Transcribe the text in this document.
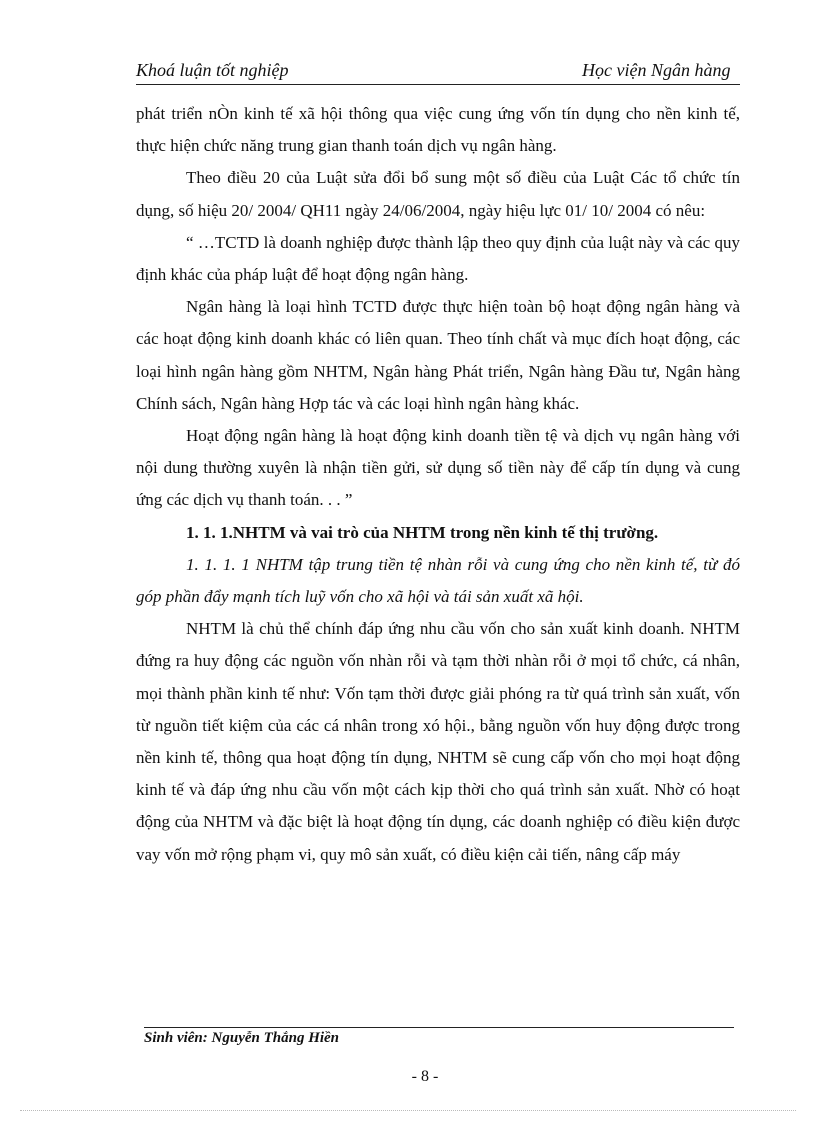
Khoá luận tốt nghiệp	Học viện Ngân hàng

phát triển nÒn kinh tế xã hội thông qua việc cung ứng vốn tín dụng cho nền kinh tế, thực hiện chức năng trung gian thanh toán dịch vụ ngân hàng.

Theo điều 20 của Luật sửa đổi bổ sung một số điều của Luật Các tổ chức tín dụng, số hiệu 20/ 2004/ QH11 ngày 24/06/2004, ngày hiệu lực 01/ 10/ 2004 có nêu:

“ …TCTD là doanh nghiệp được thành lập theo quy định của luật này và các quy định khác của pháp luật để hoạt động ngân hàng.

Ngân hàng là loại hình TCTD được thực hiện toàn bộ hoạt động ngân hàng và các hoạt động kinh doanh khác có liên quan. Theo tính chất và mục đích hoạt động, các loại hình ngân hàng gồm NHTM, Ngân hàng Phát triển, Ngân hàng Đầu tư, Ngân hàng Chính sách, Ngân hàng Hợp tác và các loại hình ngân hàng khác.

Hoạt động ngân hàng là hoạt động kinh doanh tiền tệ và dịch vụ ngân hàng với nội dung thường xuyên là nhận tiền gửi, sử dụng số tiền này để cấp tín dụng và cung ứng các dịch vụ thanh toán. . . ”

1. 1. 1.NHTM và vai trò của NHTM trong nền kinh tế thị trường.

1. 1. 1. 1 NHTM tập trung tiền tệ nhàn rỗi và cung ứng cho nền kinh tế, từ đó góp phần đẩy mạnh tích luỹ vốn cho xã hội và tái sản xuất xã hội.

NHTM là chủ thể chính đáp ứng nhu cầu vốn cho sản xuất kinh doanh. NHTM đứng ra huy động các nguồn vốn nhàn rỗi và tạm thời nhàn rỗi ở mọi tổ chức, cá nhân, mọi thành phần kinh tế như: Vốn tạm thời được giải phóng ra từ quá trình sản xuất, vốn từ nguồn tiết kiệm của các cá nhân trong xó hội., bằng nguồn vốn huy động được trong nền kinh tế, thông qua hoạt động tín dụng, NHTM sẽ cung cấp vốn cho mọi hoạt động kinh tế và đáp ứng nhu cầu vốn một cách kịp thời cho quá trình sản xuất. Nhờ có hoạt động của NHTM và đặc biệt là hoạt động tín dụng, các doanh nghiệp có điều kiện được vay vốn mở rộng phạm vi, quy mô sản xuất, có điều kiện cải tiến, nâng cấp máy

Sinh viên: Nguyễn Thắng Hiền
- 8 -
